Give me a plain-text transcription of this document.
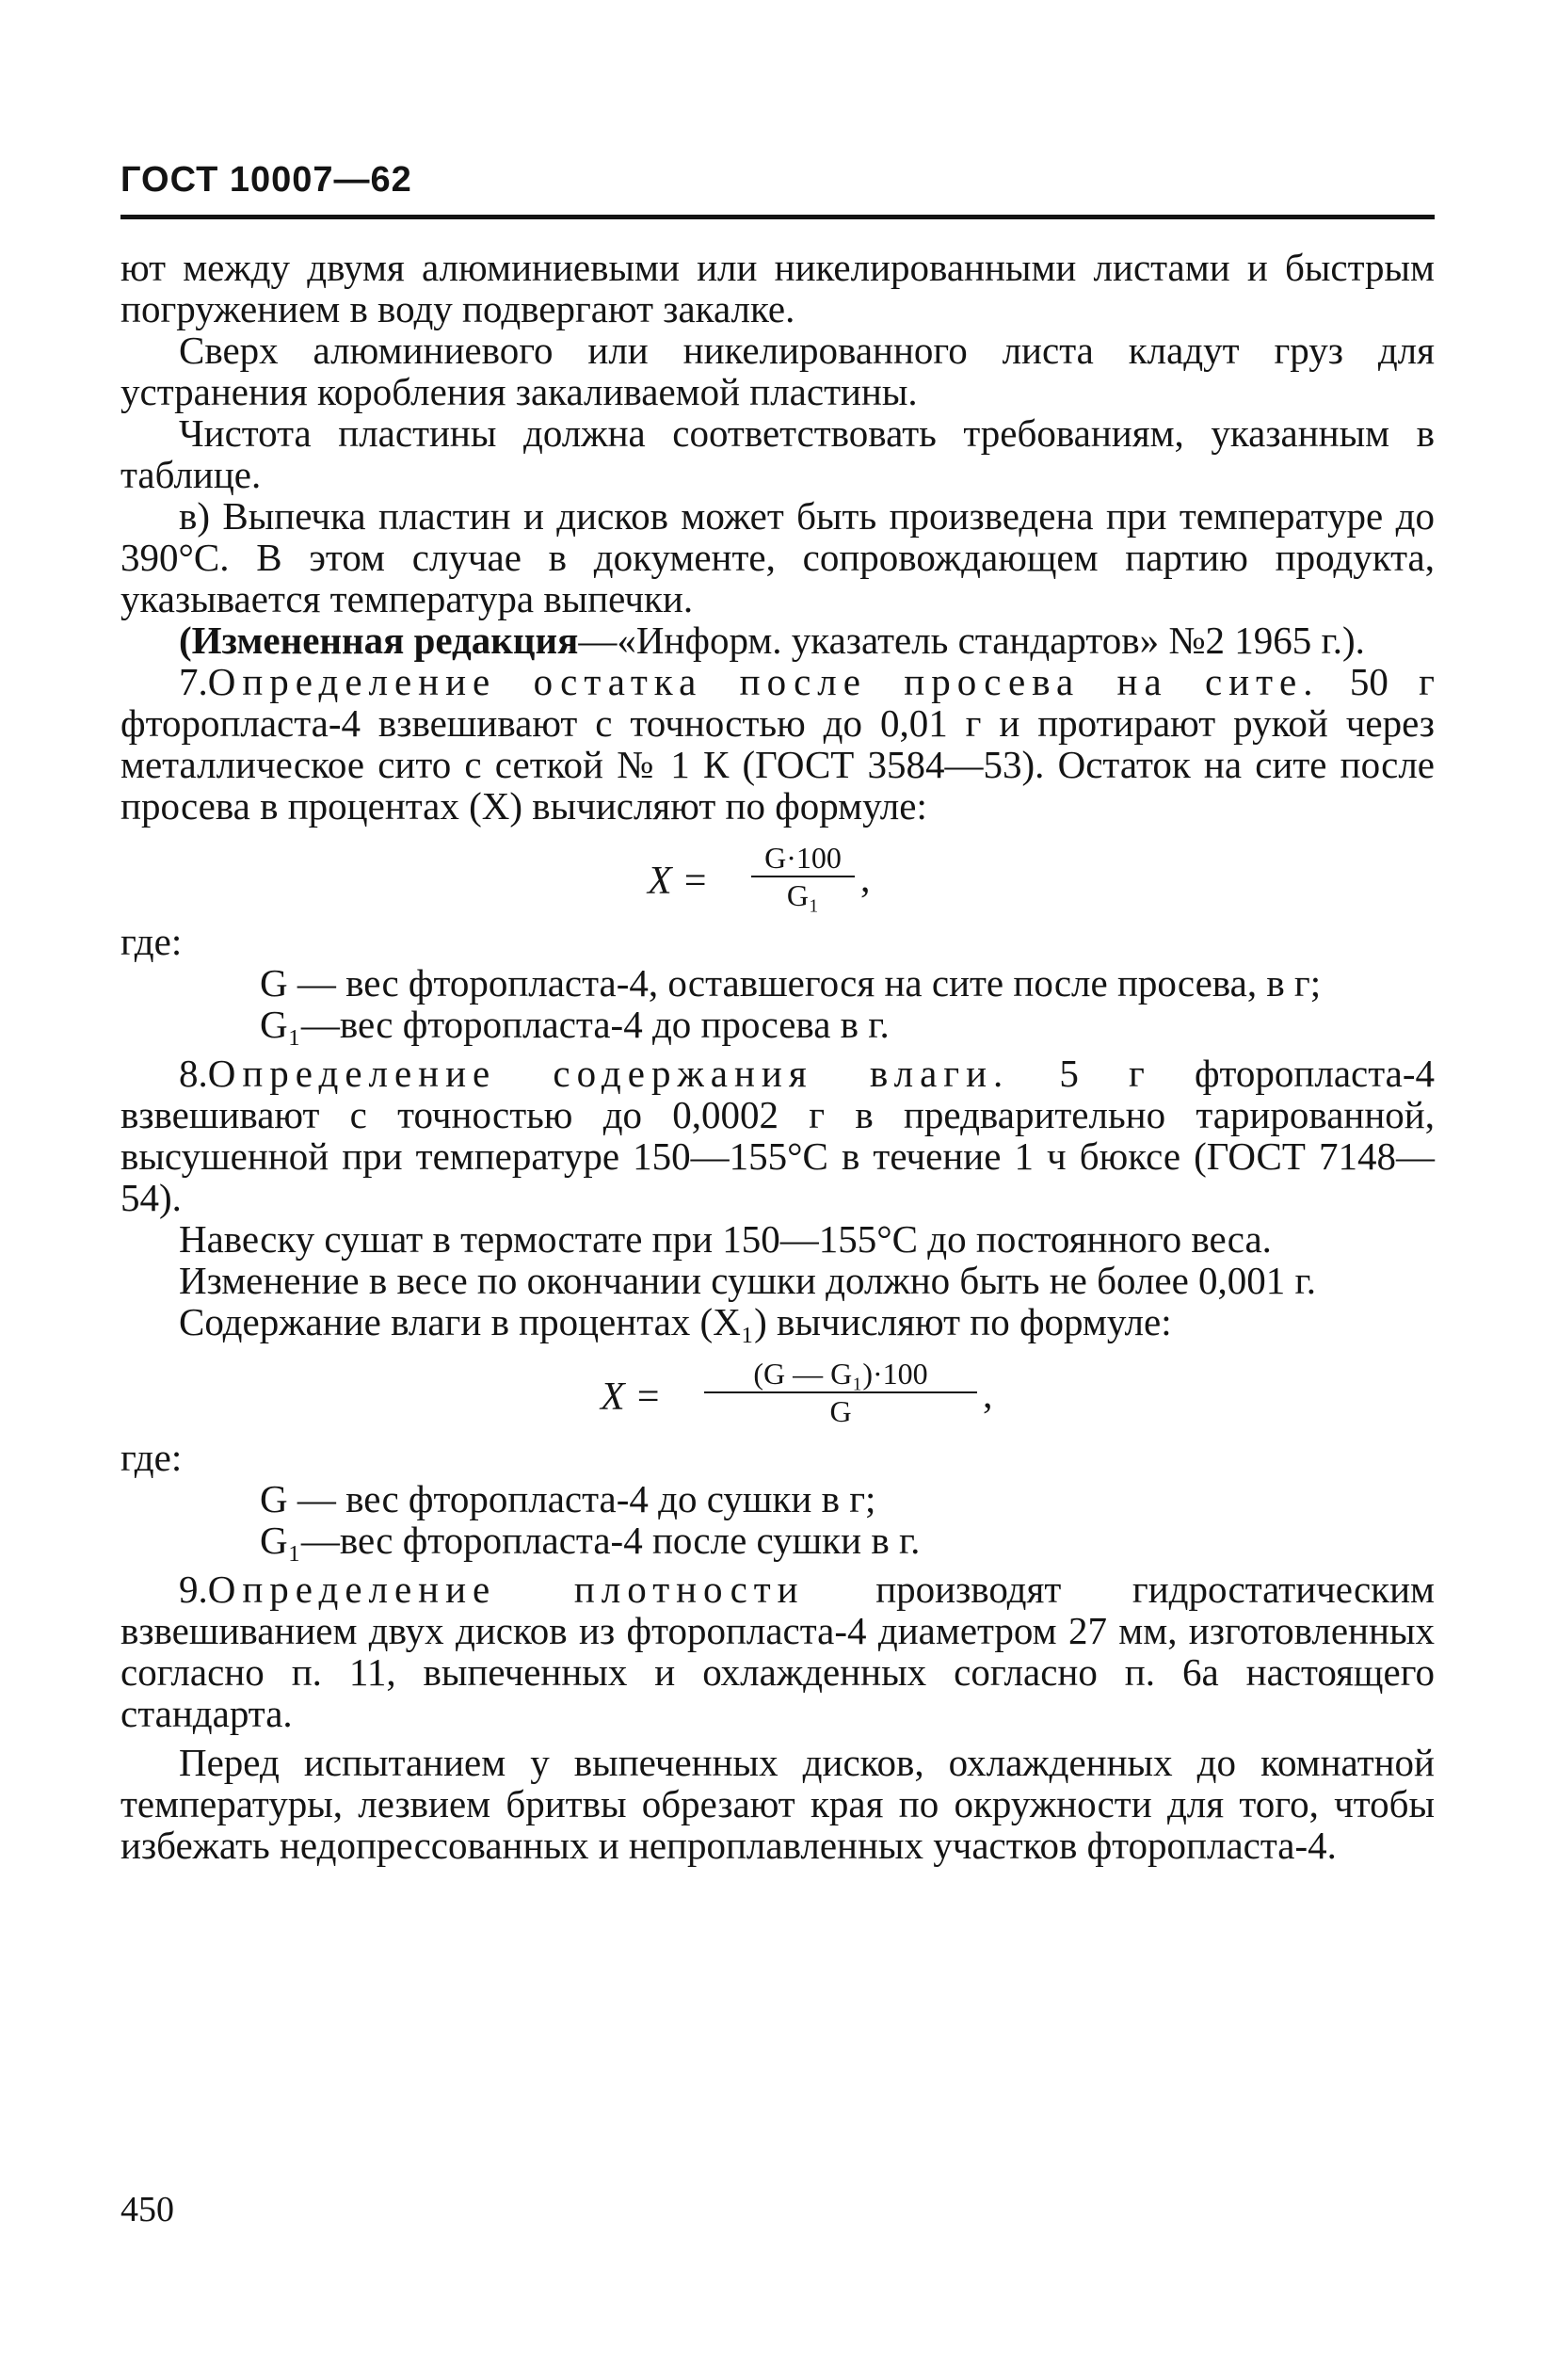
ГОСТ 10007—62

ют между двумя алюминиевыми или никелированными листами и быстрым погружением в воду подвергают закалке.

Сверх алюминиевого или никелированного листа кладут груз для устранения коробления закаливаемой пластины.

Чистота пластины должна соответствовать требованиям, указанным в таблице.

в) Выпечка пластин и дисков может быть произведена при температуре до 390°С. В этом случае в документе, сопровождающем партию продукта, указывается температура выпечки.

(Измененная редакция—«Информ. указатель стандартов» №2 1965 г.).

7.Определение остатка после просева на сите. 50 г фторопласта-4 взвешивают с точностью до 0,01 г и протирают рукой через металлическое сито с сеткой № 1 К (ГОСТ 3584—53). Остаток на сите после просева в процентах (X) вычисляют по формуле:

X =
G·100
G₁	,

где:

G — вес фторопласта-4, оставшегося на сите после просева, в г;

G₁—вес фторопласта-4 до просева в г.

8.Определение содержания влаги. 5 г фторопласта-4 взвешивают с точностью до 0,0002 г в предварительно тарированной, высушенной при температуре 150—155°С в течение 1 ч бюксе (ГОСТ 7148—54).

Навеску сушат в термостате при 150—155°С до постоянного веса.

Изменение в весе по окончании сушки должно быть не более 0,001 г.

Содержание влаги в процентах (X₁) вычисляют по формуле:

X =
(G — G₁)·100
G	,

где:

G — вес фторопласта-4 до сушки в г;

G₁—вес фторопласта-4 после сушки в г.

9.Определение плотности производят гидростатическим взвешиванием двух дисков из фторопласта-4 диаметром 27 мм, изготовленных согласно п. 11, выпеченных и охлажденных согласно п. 6а настоящего стандарта.

Перед испытанием у выпеченных дисков, охлажденных до комнатной температуры, лезвием бритвы обрезают края по окружности для того, чтобы избежать недопрессованных и непроплавленных участков фторопласта-4.

450
